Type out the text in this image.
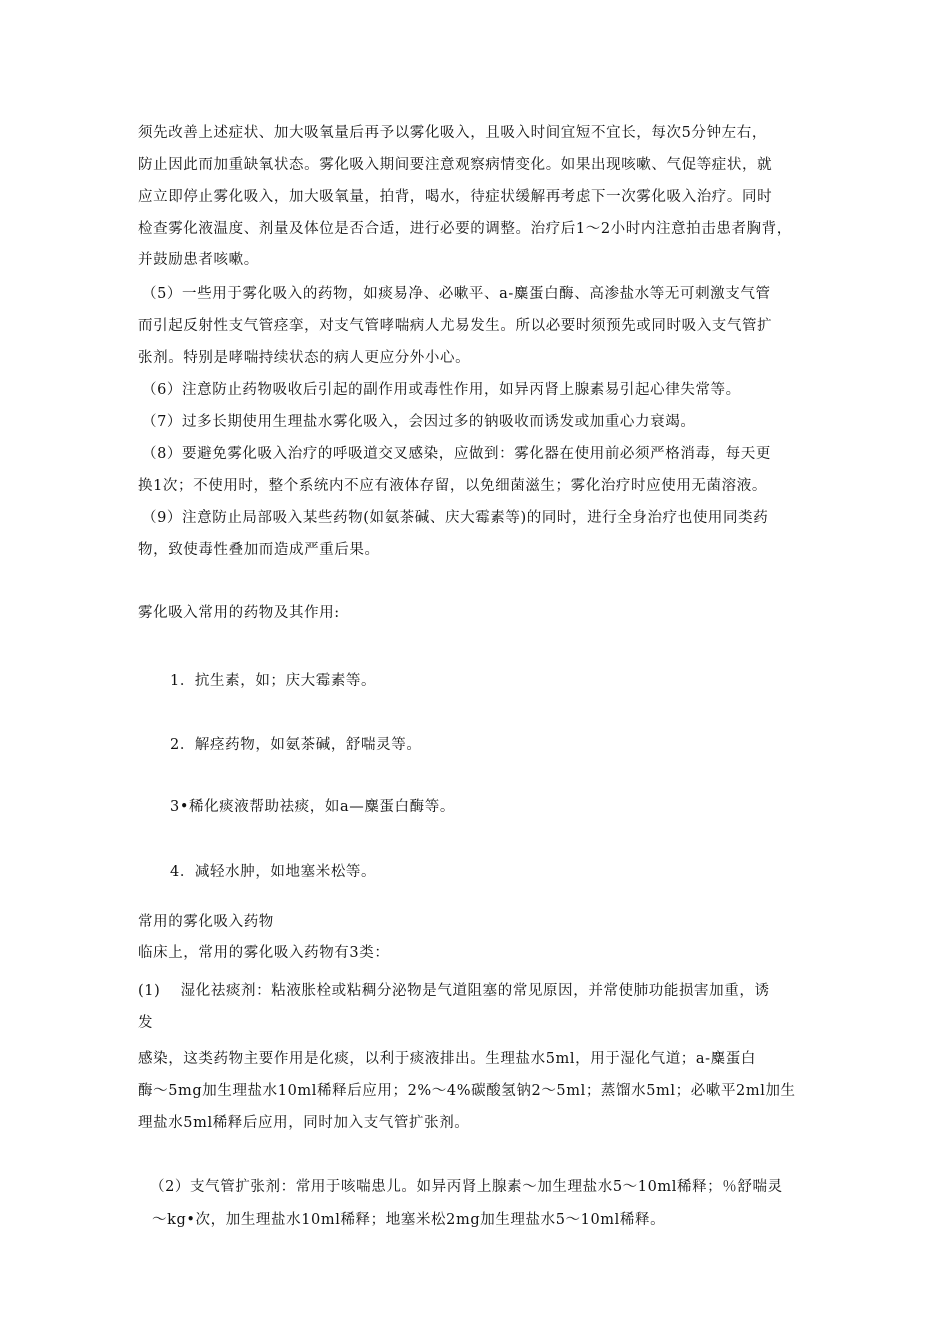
须先改善上述症状、加大吸氧量后再予以雾化吸入，且吸入时间宜短不宜长，每次5分钟左右，
防止因此而加重缺氧状态。雾化吸入期间要注意观察病情变化。如果出现咳嗽、气促等症状，就
应立即停止雾化吸入，加大吸氧量，拍背，喝水，待症状缓解再考虑下一次雾化吸入治疗。同时
检查雾化液温度、剂量及体位是否合适，进行必要的调整。治疗后1〜2小时内注意拍击患者胸背，
并鼓励患者咳嗽。
（5）一些用于雾化吸入的药物，如痰易净、必嗽平、a-麋蛋白酶、高渗盐水等无可刺激支气管
而引起反射性支气管痉挛，对支气管哮喘病人尤易发生。所以必要时须预先或同时吸入支气管扩
张剂。特别是哮喘持续状态的病人更应分外小心。
（6）注意防止药物吸收后引起的副作用或毒性作用，如异丙肾上腺素易引起心律失常等。
（7）过多长期使用生理盐水雾化吸入，会因过多的钠吸收而诱发或加重心力衰竭。
（8）要避免雾化吸入治疗的呼吸道交叉感染，应做到：雾化器在使用前必须严格消毒，每天更
换1次；不使用时，整个系统内不应有液体存留，以免细菌滋生；雾化治疗时应使用无菌溶液。
（9）注意防止局部吸入某些药物(如氨茶碱、庆大霉素等)的同时，进行全身治疗也使用同类药
物，致使毒性叠加而造成严重后果。
雾化吸入常用的药物及其作用:
1．抗生素，如；庆大霉素等。
2．解痉药物，如氨茶碱，舒喘灵等。
3•稀化痰液帮助祛痰，如a—麋蛋白酶等。
4．减轻水肿，如地塞米松等。
常用的雾化吸入药物
临床上，常用的雾化吸入药物有3类：
(1)　 湿化祛痰剂：粘液胀栓或粘稠分泌物是气道阻塞的常见原因，并常使肺功能损害加重，诱
发
感染，这类药物主要作用是化痰，以利于痰液排出。生理盐水5ml，用于湿化气道；a-麋蛋白
酶〜5mg加生理盐水10ml稀释后应用；2%〜4%碳酸氢钠2〜5ml；蒸馏水5ml；必嗽平2ml加生
理盐水5ml稀释后应用，同时加入支气管扩张剂。
（2）支气管扩张剂：常用于咳喘患儿。如异丙肾上腺素〜加生理盐水5〜10ml稀释；％舒喘灵
〜kg•次，加生理盐水10ml稀释；地塞米松2mg加生理盐水5〜10ml稀释。
